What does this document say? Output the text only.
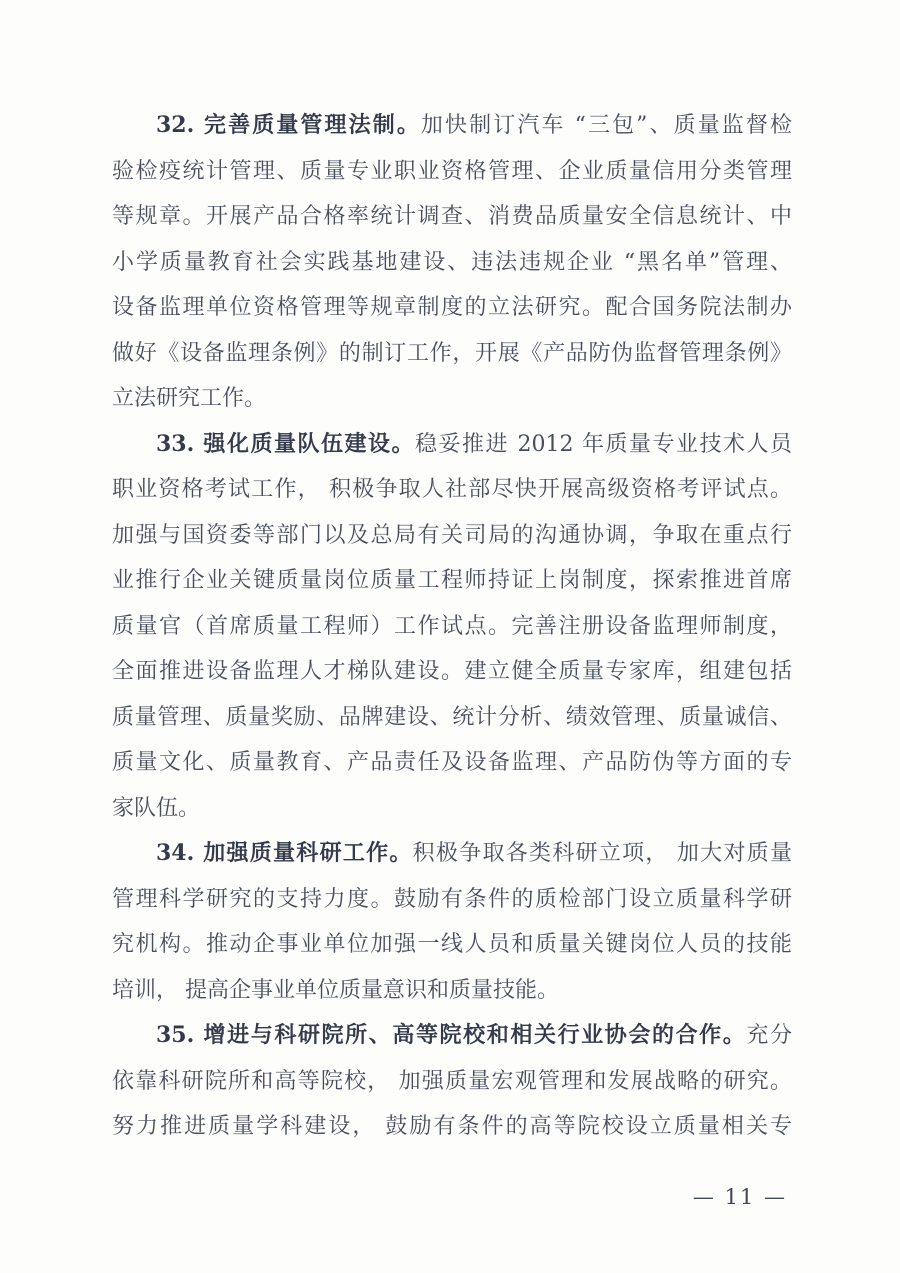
32. 完善质量管理法制。加快制订汽车 “三包”、质量监督检

验检疫统计管理、质量专业职业资格管理、企业质量信用分类管理

等规章。开展产品合格率统计调查、消费品质量安全信息统计、中

小学质量教育社会实践基地建设、违法违规企业 “黑名单”管理、

设备监理单位资格管理等规章制度的立法研究。配合国务院法制办

做好《设备监理条例》的制订工作，开展《产品防伪监督管理条例》

立法研究工作。

33. 强化质量队伍建设。稳妥推进 2012 年质量专业技术人员

职业资格考试工作， 积极争取人社部尽快开展高级资格考评试点。

加强与国资委等部门以及总局有关司局的沟通协调，争取在重点行

业推行企业关键质量岗位质量工程师持证上岗制度，探索推进首席

质量官（首席质量工程师）工作试点。完善注册设备监理师制度，

全面推进设备监理人才梯队建设。建立健全质量专家库，组建包括

质量管理、质量奖励、品牌建设、统计分析、绩效管理、质量诚信、

质量文化、质量教育、产品责任及设备监理、产品防伪等方面的专

家队伍。

34. 加强质量科研工作。积极争取各类科研立项， 加大对质量

管理科学研究的支持力度。鼓励有条件的质检部门设立质量科学研

究机构。推动企事业单位加强一线人员和质量关键岗位人员的技能

培训， 提高企事业单位质量意识和质量技能。

35. 增进与科研院所、高等院校和相关行业协会的合作。充分

依靠科研院所和高等院校， 加强质量宏观管理和发展战略的研究。

努力推进质量学科建设， 鼓励有条件的高等院校设立质量相关专

— 11 —
